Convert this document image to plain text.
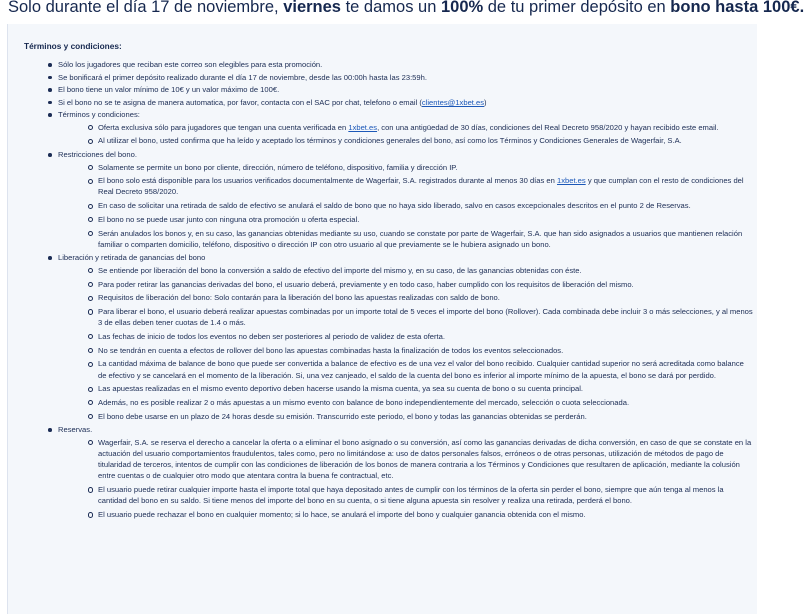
Solo durante el día 17 de noviembre, viernes te damos un 100% de tu primer depósito en bono hasta 100€.
Términos y condiciones:
Sólo los jugadores que reciban este correo son elegibles para esta promoción.
Se bonificará el primer depósito realizado durante el día 17 de noviembre, desde las 00:00h hasta las 23:59h.
El bono tiene un valor mínimo de 10€ y un valor máximo de 100€.
Si el bono no se te asigna de manera automatica, por favor, contacta con el SAC por chat, telefono o email (clientes@1xbet.es)
Términos y condiciones:
Oferta exclusiva sólo para jugadores que tengan una cuenta verificada en 1xbet.es, con una antigüedad de 30 días, condiciones del Real Decreto 958/2020 y hayan recibido este email.
Al utilizar el bono, usted confirma que ha leído y aceptado los términos y condiciones generales del bono, así como los Términos y Condiciones Generales de Wagerfair, S.A.
Restricciones del bono.
Solamente se permite un bono por cliente, dirección, número de teléfono, dispositivo, familia y dirección IP.
El bono solo está disponible para los usuarios verificados documentalmente de Wagerfair, S.A. registrados durante al menos 30 días en 1xbet.es y que cumplan con el resto de condiciones del Real Decreto 958/2020.
En caso de solicitar una retirada de saldo de efectivo se anulará el saldo de bono que no haya sido liberado, salvo en casos excepcionales descritos en el punto 2 de Reservas.
El bono no se puede usar junto con ninguna otra promoción u oferta especial.
Serán anulados los bonos y, en su caso, las ganancias obtenidas mediante su uso, cuando se constate por parte de Wagerfair, S.A. que han sido asignados a usuarios que mantienen relación familiar o comparten domicilio, teléfono, dispositivo o dirección IP con otro usuario al que previamente se le hubiera asignado un bono.
Liberación y retirada de ganancias del bono
Se entiende por liberación del bono la conversión a saldo de efectivo del importe del mismo y, en su caso, de las ganancias obtenidas con éste.
Para poder retirar las ganancias derivadas del bono, el usuario deberá, previamente y en todo caso, haber cumplido con los requisitos de liberación del mismo.
Requisitos de liberación del bono: Solo contarán para la liberación del bono las apuestas realizadas con saldo de bono.
Para liberar el bono, el usuario deberá realizar apuestas combinadas por un importe total de 5 veces el importe del bono (Rollover). Cada combinada debe incluir 3 o más selecciones, y al menos 3 de ellas deben tener cuotas de 1.4 o más.
Las fechas de inicio de todos los eventos no deben ser posteriores al periodo de validez de esta oferta.
No se tendrán en cuenta a efectos de rollover del bono las apuestas combinadas hasta la finalización de todos los eventos seleccionados.
La cantidad máxima de balance de bono que puede ser convertida a balance de efectivo es de una vez el valor del bono recibido. Cualquier cantidad superior no será acreditada como balance de efectivo y se cancelará en el momento de la liberación. Si, una vez canjeado, el saldo de la cuenta del bono es inferior al importe mínimo de la apuesta, el bono se dará por perdido.
Las apuestas realizadas en el mismo evento deportivo deben hacerse usando la misma cuenta, ya sea su cuenta de bono o su cuenta principal.
Además, no es posible realizar 2 o más apuestas a un mismo evento con balance de bono independientemente del mercado, selección o cuota seleccionada.
El bono debe usarse en un plazo de 24 horas desde su emisión. Transcurrido este periodo, el bono y todas las ganancias obtenidas se perderán.
Reservas.
Wagerfair, S.A. se reserva el derecho a cancelar la oferta o a eliminar el bono asignado o su conversión, así como las ganancias derivadas de dicha conversión, en caso de que se constate en la actuación del usuario comportamientos fraudulentos, tales como, pero no limitándose a: uso de datos personales falsos, erróneos o de otras personas, utilización de métodos de pago de titularidad de terceros, intentos de cumplir con las condiciones de liberación de los bonos de manera contraria a los Términos y Condiciones que resultaren de aplicación, mediante la colusión entre cuentas o de cualquier otro modo que atentara contra la buena fe contractual, etc.
El usuario puede retirar cualquier importe hasta el importe total que haya depositado antes de cumplir con los términos de la oferta sin perder el bono, siempre que aún tenga al menos la cantidad del bono en su saldo. Si tiene menos del importe del bono en su cuenta, o si tiene alguna apuesta sin resolver y realiza una retirada, perderá el bono.
El usuario puede rechazar el bono en cualquier momento; si lo hace, se anulará el importe del bono y cualquier ganancia obtenida con el mismo.
